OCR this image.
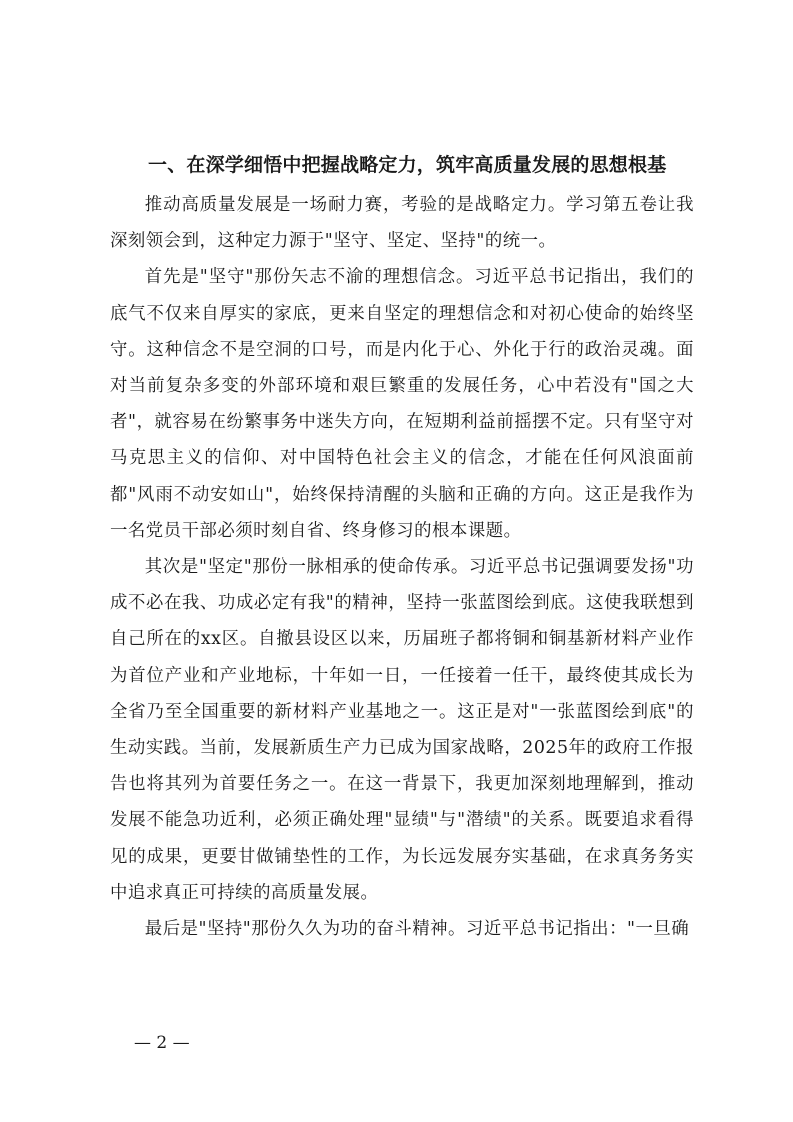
一、在深学细悟中把握战略定力，筑牢高质量发展的思想根基

推动高质量发展是一场耐力赛，考验的是战略定力。学习第五卷让我深刻领会到，这种定力源于"坚守、坚定、坚持"的统一。

首先是"坚守"那份矢志不渝的理想信念。习近平总书记指出，我们的底气不仅来自厚实的家底，更来自坚定的理想信念和对初心使命的始终坚守。这种信念不是空洞的口号，而是内化于心、外化于行的政治灵魂。面对当前复杂多变的外部环境和艰巨繁重的发展任务，心中若没有"国之大者"，就容易在纷繁事务中迷失方向，在短期利益前摇摆不定。只有坚守对马克思主义的信仰、对中国特色社会主义的信念，才能在任何风浪面前都"风雨不动安如山"，始终保持清醒的头脑和正确的方向。这正是我作为一名党员干部必须时刻自省、终身修习的根本课题。

其次是"坚定"那份一脉相承的使命传承。习近平总书记强调要发扬"功成不必在我、功成必定有我"的精神，坚持一张蓝图绘到底。这使我联想到自己所在的xx区。自撤县设区以来，历届班子都将铜和铜基新材料产业作为首位产业和产业地标，十年如一日，一任接着一任干，最终使其成长为全省乃至全国重要的新材料产业基地之一。这正是对"一张蓝图绘到底"的生动实践。当前，发展新质生产力已成为国家战略，2025年的政府工作报告也将其列为首要任务之一。在这一背景下，我更加深刻地理解到，推动发展不能急功近利，必须正确处理"显绩"与"潜绩"的关系。既要追求看得见的成果，更要甘做铺垫性的工作，为长远发展夯实基础，在求真务务实中追求真正可持续的高质量发展。

最后是"坚持"那份久久为功的奋斗精神。习近平总书记指出："一旦确

— 2 —
